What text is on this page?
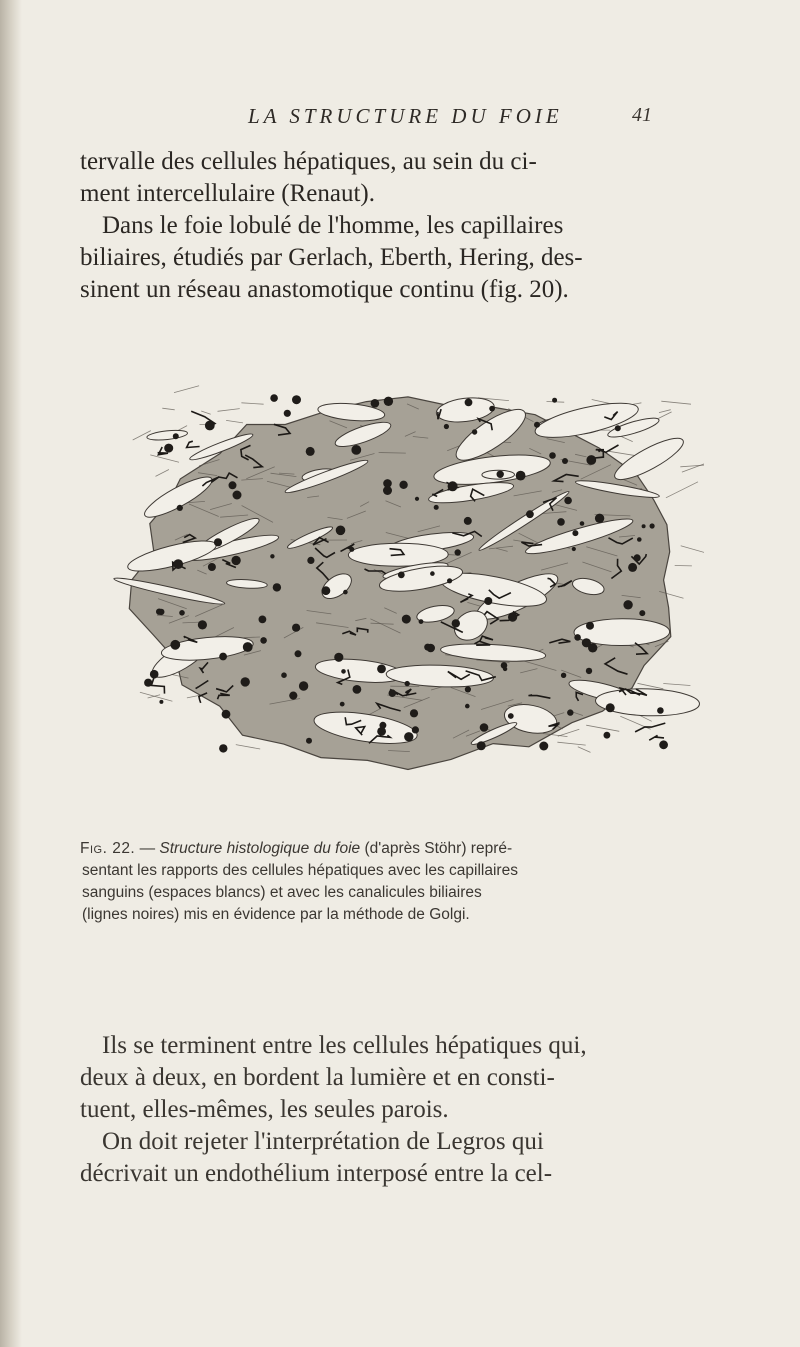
LA STRUCTURE DU FOIE	41
tervalle des cellules hépatiques, au sein du ci-
ment intercellulaire (Renaut).
Dans le foie lobulé de l'homme, les capillaires
biliaires, étudiés par Gerlach, Eberth, Hering, des-
sinent un réseau anastomotique continu (fig. 20).

Fig. 22. — Structure histologique du foie (d'après Stöhr) repré-
sentant les rapports des cellules hépatiques avec les capillaires
sanguins (espaces blancs) et avec les canalicules biliaires
(lignes noires) mis en évidence par la méthode de Golgi.

Ils se terminent entre les cellules hépatiques qui,
deux à deux, en bordent la lumière et en consti-
tuent, elles-mêmes, les seules parois.
On doit rejeter l'interprétation de Legros qui
décrivait un endothélium interposé entre la cel-
